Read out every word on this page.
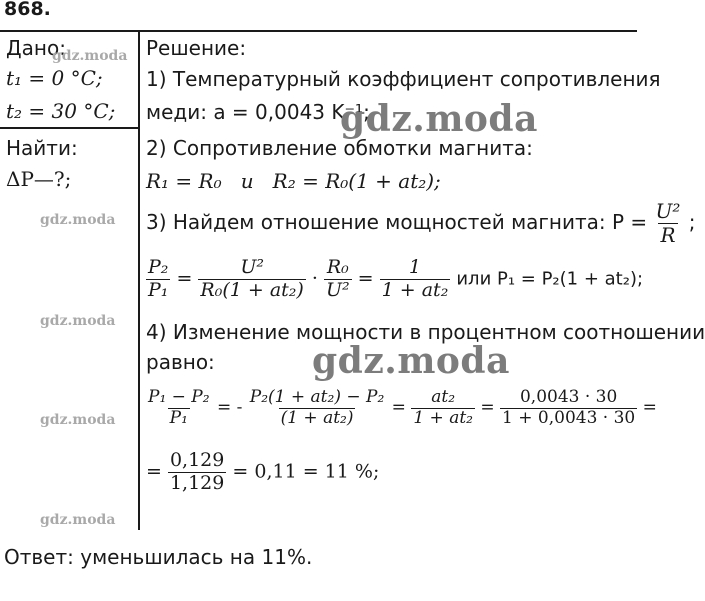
868.
Дано:
t₁ = 0 °C;
t₂ = 30 °C;
Найти:
ΔP—?;
Решение:
1) Температурный коэффициент сопротивления
меди: a = 0,0043 K⁻¹;
2) Сопротивление обмотки магнита:
R₁ = R₀   и   R₂ = R₀(1 + at₂);
3) Найдем отношение мощностей магнита: $P = \frac{\text{U²}}{R}$ ;
$\frac{\text{P₂}}{\text{P₁}} = \frac{\text{U²}}{\text{R₀(1 + at₂)}} \cdot \frac{\text{R₀}}{\text{U²}} = \frac{1}{\text{1 + at₂}}$ или P₁ = P₂(1 + at₂);
4) Изменение мощности в процентном соотношении
равно:
$\frac{\text{P₁ − P₂}}{\text{P₁}}$ = - $\frac{\text{P₂(1 + at₂) − P₂}}{\text{(1 + at₂)}} = \frac{\text{at₂}}{\text{1 + at₂}} = \frac{0,0043 \cdot 30}{1 + 0,0043 \cdot 30}$ =
= $\frac{0,129}{1,129} = 0,11 = 11$ %;
Ответ: уменьшилась на 11%.
gdz.moda
gdz.moda
gdz.moda
gdz.moda
gdz.moda
gdz.moda
gdz.moda
